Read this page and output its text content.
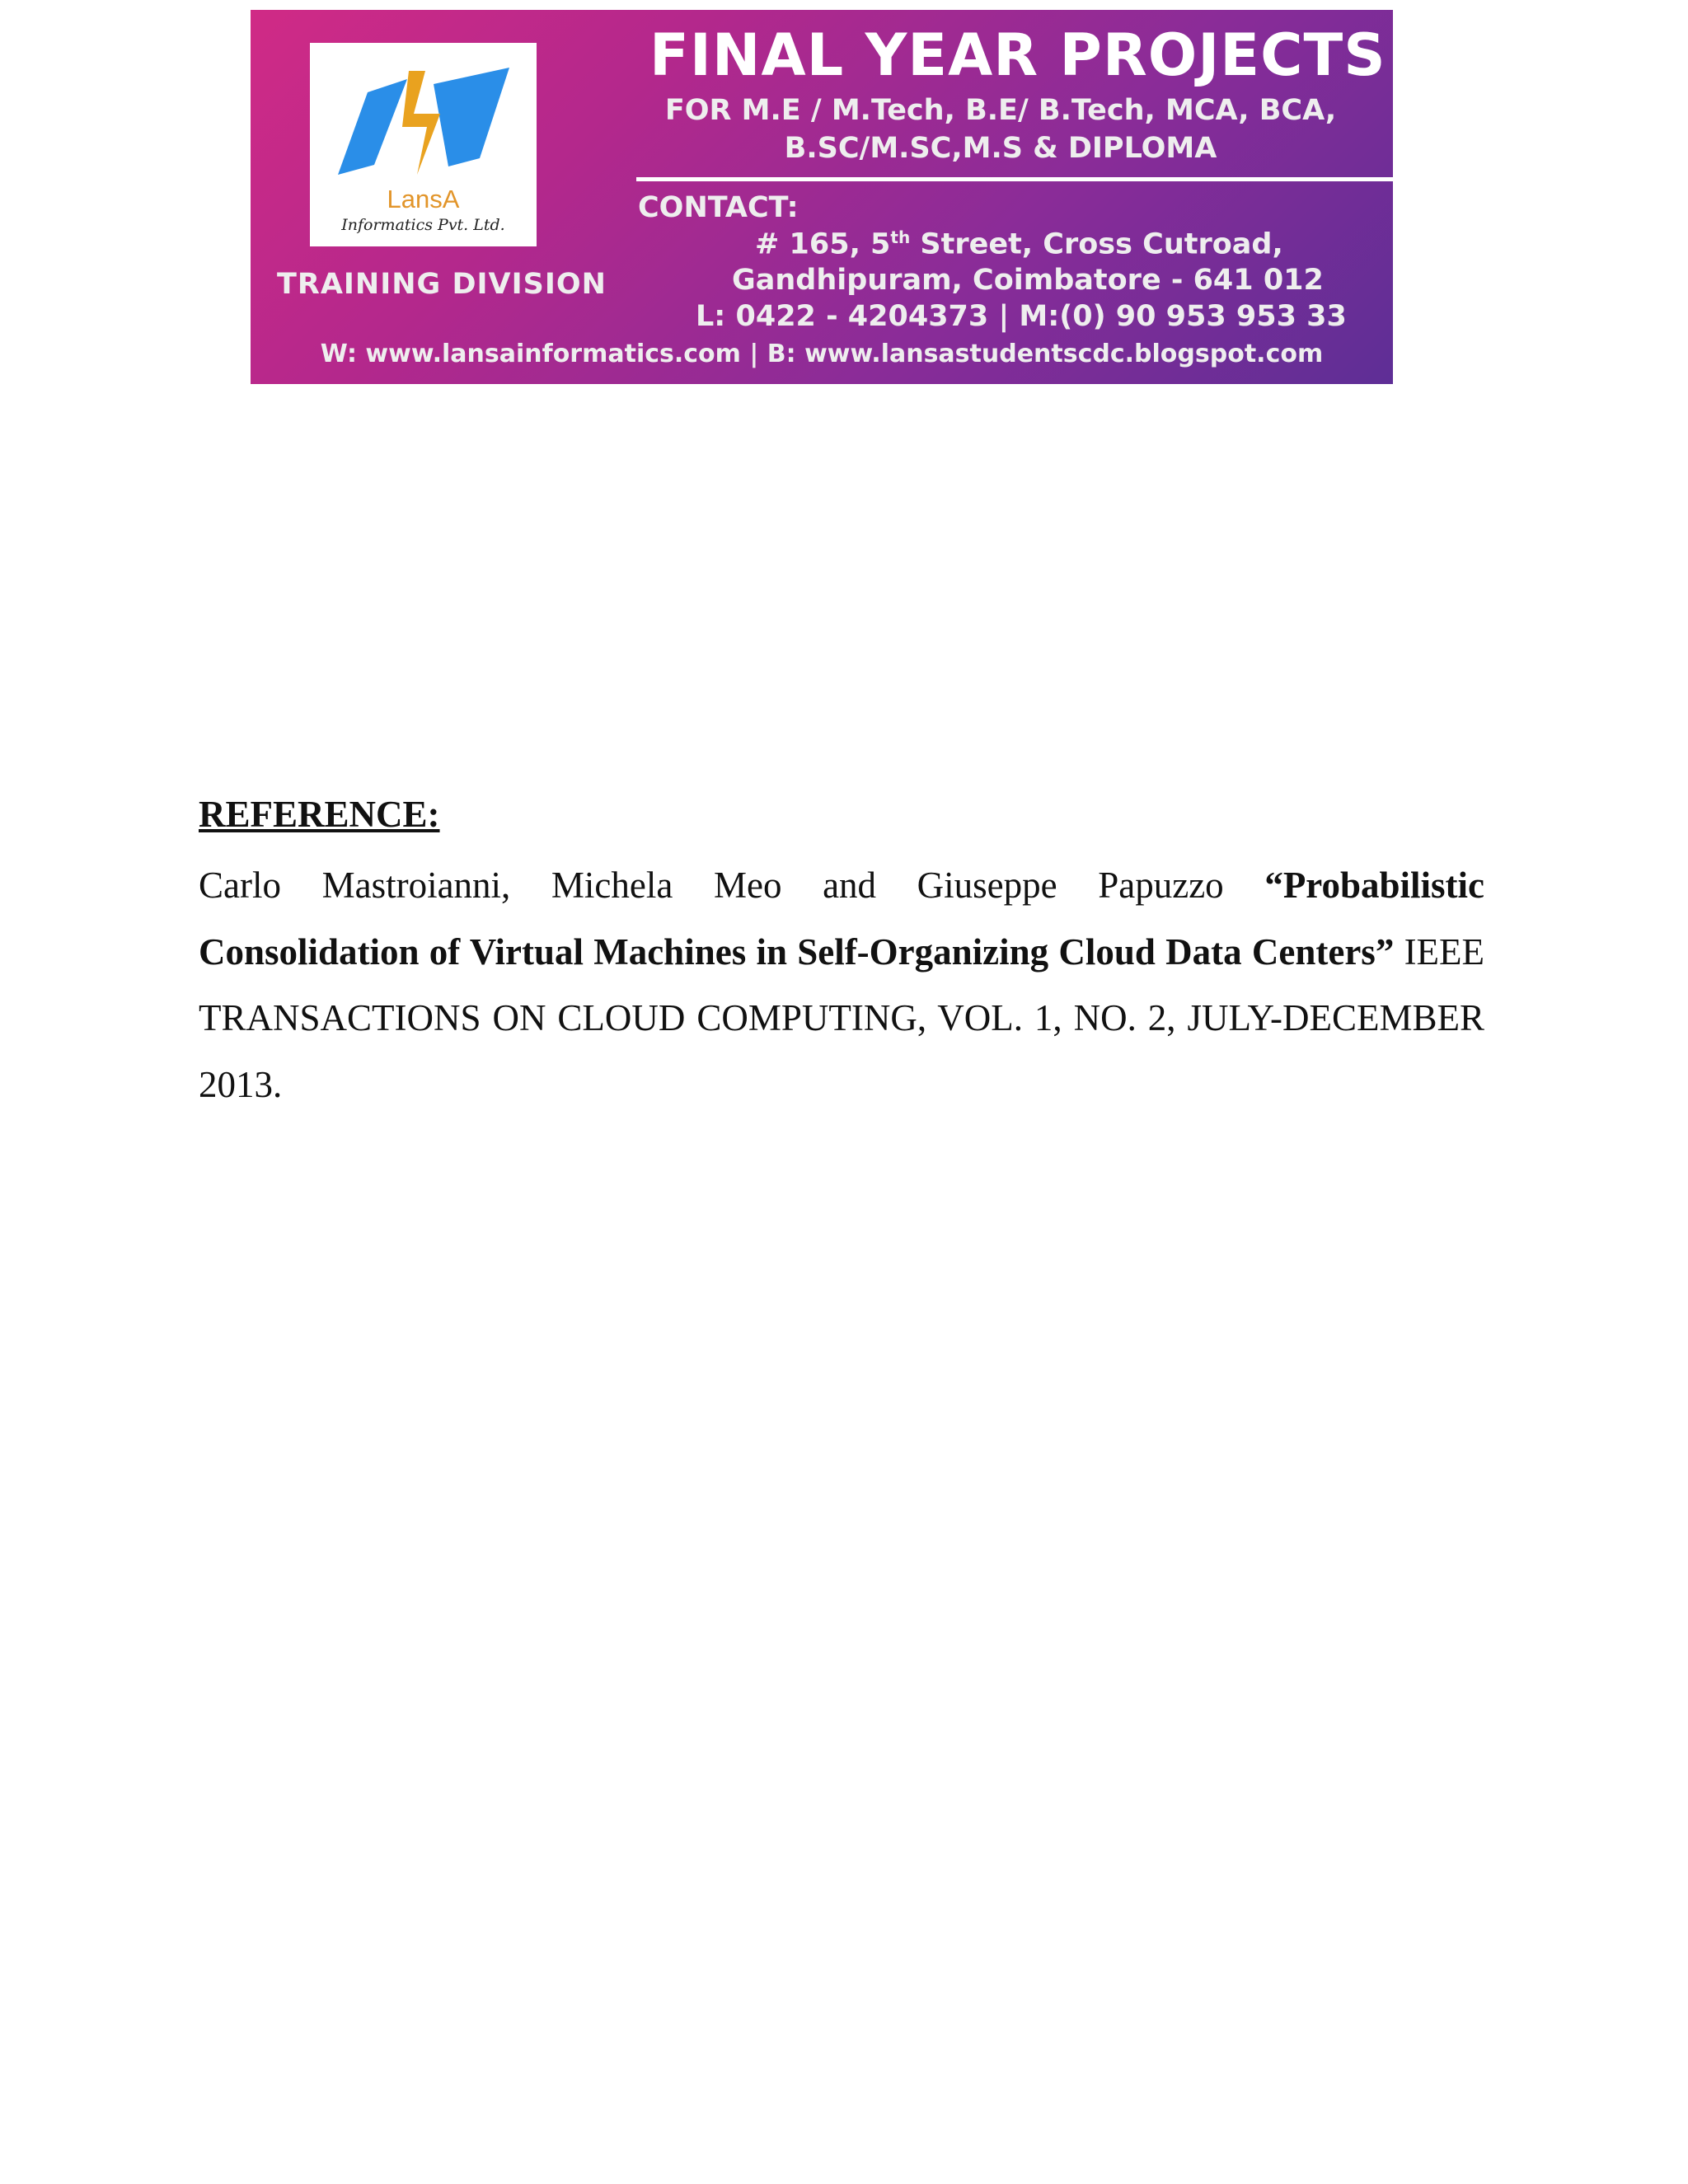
LansA
Informatics Pvt. Ltd.
TRAINING DIVISION
FINAL YEAR PROJECTS
FOR M.E / M.Tech, B.E/ B.Tech, MCA, BCA,
B.SC/M.SC,M.S & DIPLOMA
CONTACT:
# 165, 5th Street, Cross Cutroad,
Gandhipuram, Coimbatore - 641 012
L: 0422 - 4204373 | M:(0) 90 953 953 33
W: www.lansainformatics.com | B: www.lansastudentscdc.blogspot.com
REFERENCE:
Carlo Mastroianni, Michela Meo and Giuseppe Papuzzo “Probabilistic Consolidation of Virtual Machines in Self-Organizing Cloud Data Centers” IEEE TRANSACTIONS ON CLOUD COMPUTING, VOL. 1, NO. 2, JULY-DECEMBER 2013.
